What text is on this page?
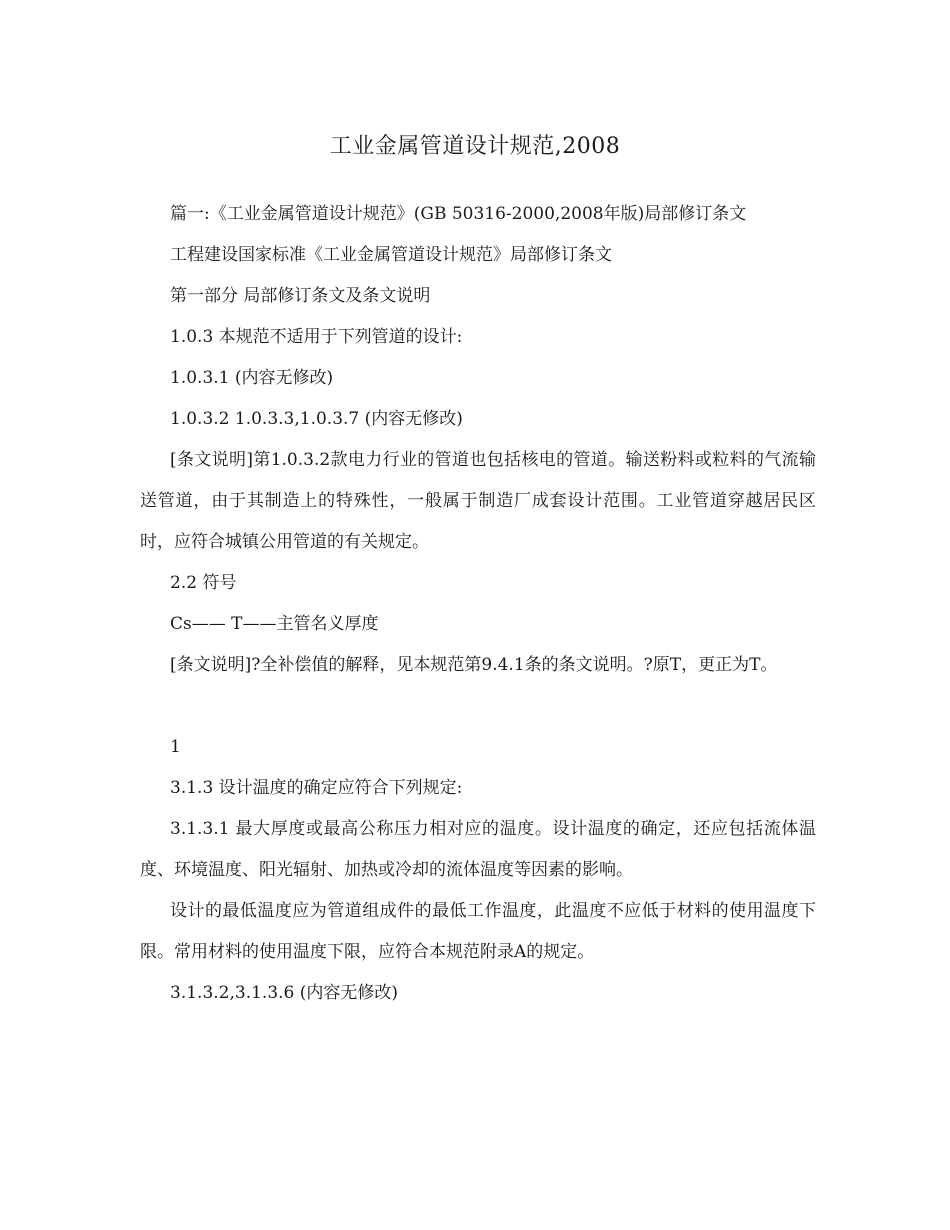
工业金属管道设计规范,2008
篇一:《工业金属管道设计规范》(GB 50316-2000,2008年版)局部修订条文
工程建设国家标准《工业金属管道设计规范》局部修订条文
第一部分 局部修订条文及条文说明
1.0.3 本规范不适用于下列管道的设计:
1.0.3.1 (内容无修改)
1.0.3.2 1.0.3.3,1.0.3.7 (内容无修改)
[条文说明]第1.0.3.2款电力行业的管道也包括核电的管道。输送粉料或粒料的气流输送管道，由于其制造上的特殊性，一般属于制造厂成套设计范围。工业管道穿越居民区时，应符合城镇公用管道的有关规定。
2.2 符号
Cs—— T——主管名义厚度
[条文说明]?全补偿值的解释，见本规范第9.4.1条的条文说明。?原T，更正为T。
1
3.1.3 设计温度的确定应符合下列规定:
3.1.3.1 最大厚度或最高公称压力相对应的温度。设计温度的确定，还应包括流体温度、环境温度、阳光辐射、加热或冷却的流体温度等因素的影响。
设计的最低温度应为管道组成件的最低工作温度，此温度不应低于材料的使用温度下限。常用材料的使用温度下限，应符合本规范附录A的规定。
3.1.3.2,3.1.3.6 (内容无修改)
